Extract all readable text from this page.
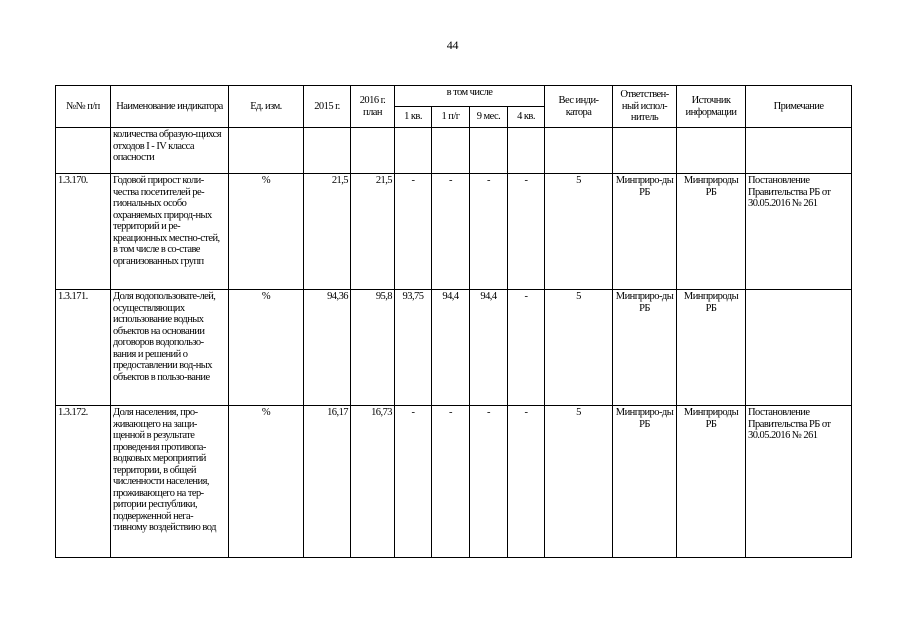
44
№№ п/п	Наименование индикатора	Ед. изм.	2015 г.	2016 г. план	в том числе				Вес инди-катора	Ответствен-ный испол-нитель	Источник информации	Примечание
					1 кв.	1 п/г	9 мес.	4 кв.				
	количества образую-щихся отходов I - IV класса опасности											
1.3.170.	Годовой прирост коли-чества посетителей ре-гиональных особо охраняемых природ-ных территорий и ре-креационных местно-стей, в том числе в со-ставе организованных групп	%	21,5	21,5	-	-	-	-	5	Минприро-ды РБ	Минприроды РБ	Постановление Правительства РБ от 30.05.2016 № 261
1.3.171.	Доля водопользовате-лей, осуществляющих использование водных объектов на основании договоров водопользо-вания и решений о предоставлении вод-ных объектов в пользо-вание	%	94,36	95,8	93,75	94,4	94,4	-	5	Минприро-ды РБ	Минприроды РБ	
1.3.172.	Доля населения, про-живающего на защи-щенной в результате проведения противопа-водковых мероприятий территории, в общей численности населения, проживающего на тер-ритории республики, подверженной нега-тивному воздействию вод	%	16,17	16,73	-	-	-	-	5	Минприро-ды РБ	Минприроды РБ	Постановление Правительства РБ от 30.05.2016 № 261
